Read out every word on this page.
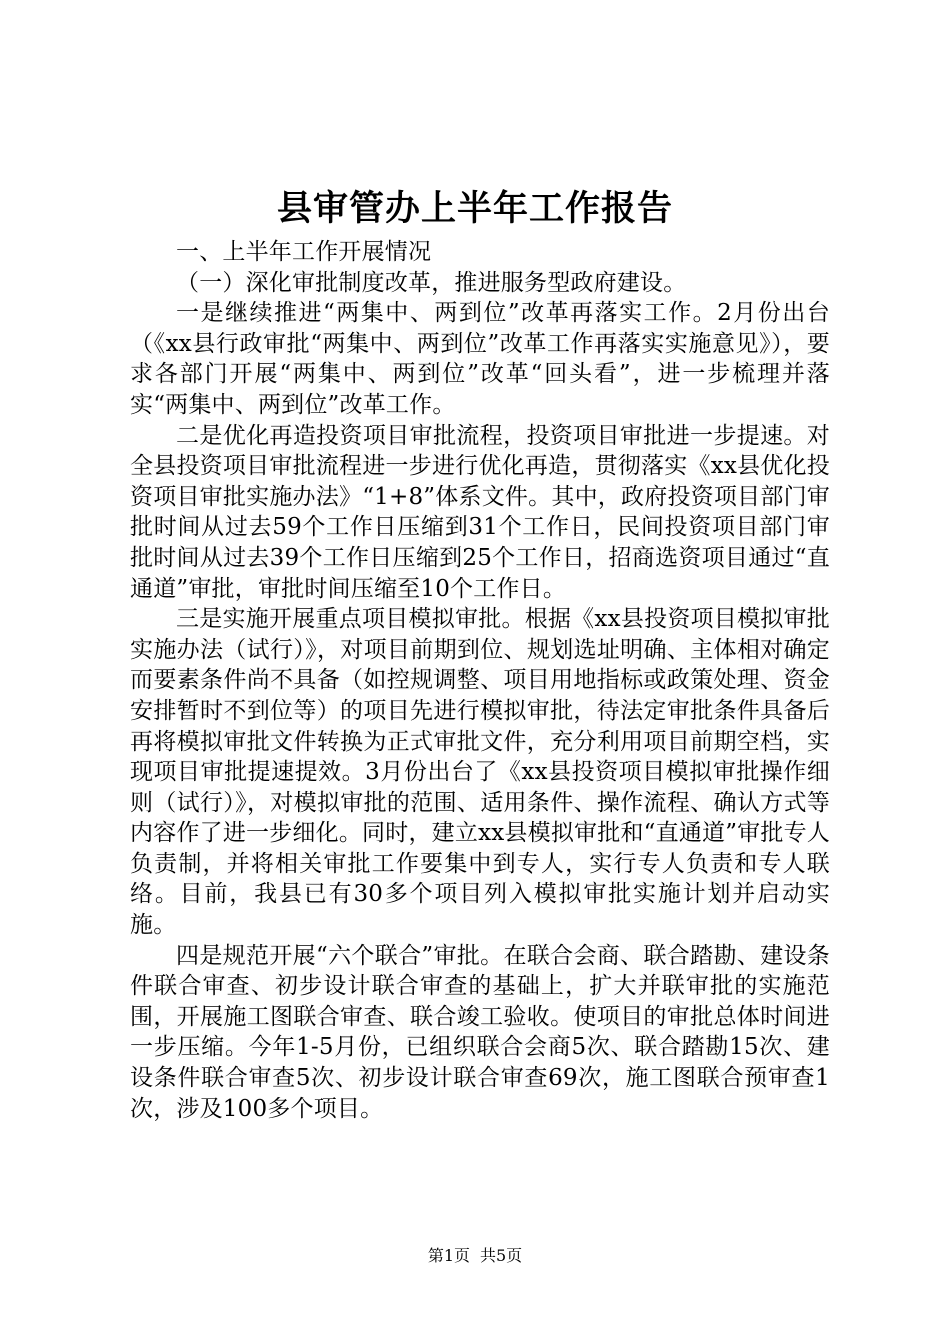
县审管办上半年工作报告

一、上半年工作开展情况

（一）深化审批制度改革，推进服务型政府建设。

一是继续推进“两集中、两到位”改革再落实工作。2月份出台（《xx县行政审批“两集中、两到位”改革工作再落实实施意见》），要求各部门开展“两集中、两到位”改革“回头看”，进一步梳理并落实“两集中、两到位”改革工作。

二是优化再造投资项目审批流程，投资项目审批进一步提速。对全县投资项目审批流程进一步进行优化再造，贯彻落实《xx县优化投资项目审批实施办法》“1+8”体系文件。其中，政府投资项目部门审批时间从过去59个工作日压缩到31个工作日，民间投资项目部门审批时间从过去39个工作日压缩到25个工作日，招商选资项目通过“直通道”审批，审批时间压缩至10个工作日。

三是实施开展重点项目模拟审批。根据《xx县投资项目模拟审批实施办法（试行）》，对项目前期到位、规划选址明确、主体相对确定而要素条件尚不具备（如控规调整、项目用地指标或政策处理、资金安排暂时不到位等）的项目先进行模拟审批，待法定审批条件具备后再将模拟审批文件转换为正式审批文件，充分利用项目前期空档，实现项目审批提速提效。3月份出台了《xx县投资项目模拟审批操作细则（试行）》，对模拟审批的范围、适用条件、操作流程、确认方式等内容作了进一步细化。同时，建立xx县模拟审批和“直通道”审批专人负责制，并将相关审批工作要集中到专人，实行专人负责和专人联络。目前，我县已有30多个项目列入模拟审批实施计划并启动实施。

四是规范开展“六个联合”审批。在联合会商、联合踏勘、建设条件联合审查、初步设计联合审查的基础上，扩大并联审批的实施范围，开展施工图联合审查、联合竣工验收。使项目的审批总体时间进一步压缩。今年1-5月份，已组织联合会商5次、联合踏勘15次、建设条件联合审查5次、初步设计联合审查69次，施工图联合预审查1次，涉及100多个项目。

第1页 共5页
